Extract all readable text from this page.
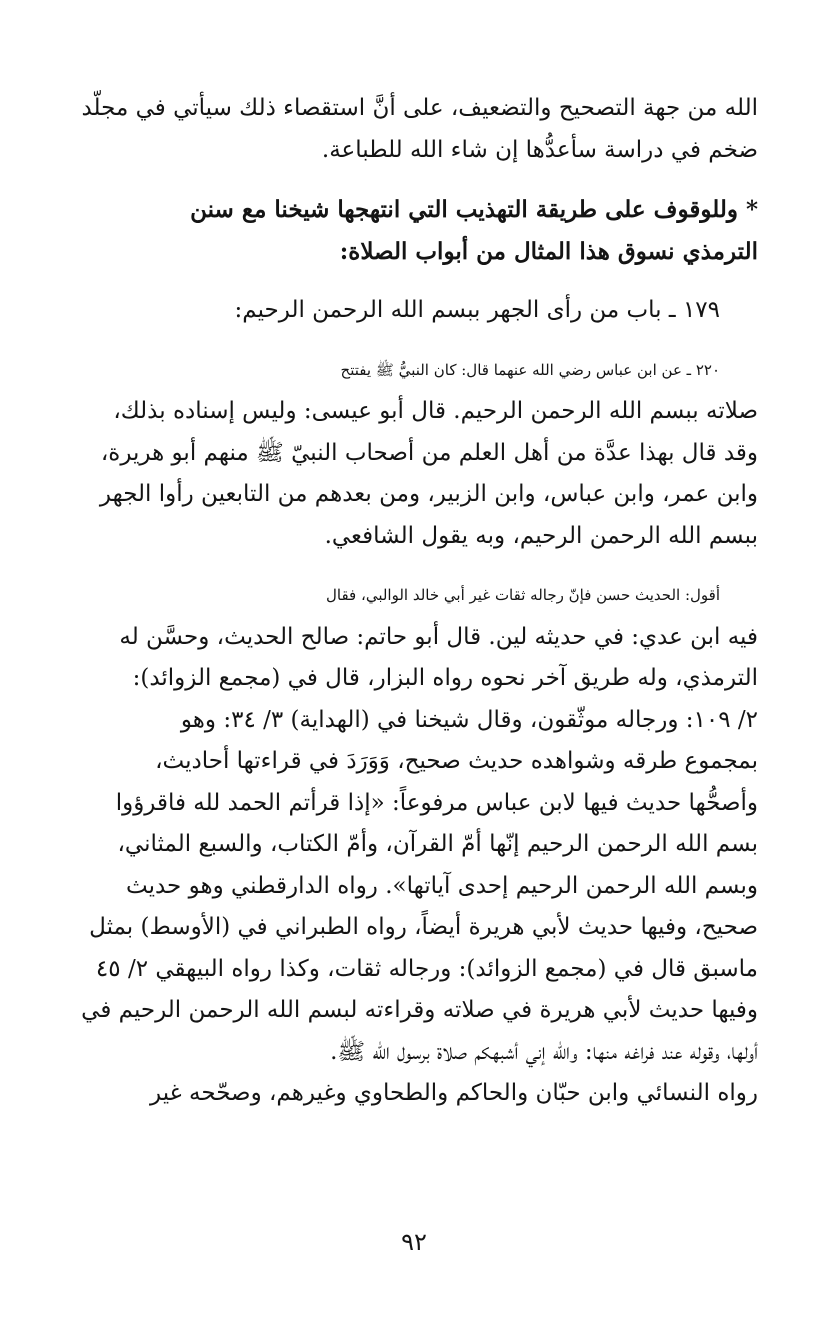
الله من جهة التصحيح والتضعيف، على أنَّ استقصاء ذلك سيأتي في مجلّد
ضخم في دراسة سأعدُّها إن شاء الله للطباعة.

* وللوقوف على طريقة التهذيب التي انتهجها شيخنا مع سنن
الترمذي نسوق هذا المثال من أبواب الصلاة:

١٧٩ ـ باب من رأى الجهر ببسم الله الرحمن الرحيم:

٢٢٠ ـ عن ابن عباس رضي الله عنهما قال: كان النبيُّ ﷺ يفتتح
صلاته ببسم الله الرحمن الرحيم. قال أبو عيسى: وليس إسناده بذلك،
وقد قال بهذا عدَّة من أهل العلم من أصحاب النبيّ ﷺ منهم أبو هريرة،
وابن عمر، وابن عباس، وابن الزبير، ومن بعدهم من التابعين رأوا الجهر
ببسم الله الرحمن الرحيم، وبه يقول الشافعي.

أقول: الحديث حسن فإنّ رجاله ثقات غير أبي خالد الوالبي، فقال
فيه ابن عدي: في حديثه لين. قال أبو حاتم: صالح الحديث، وحسَّن له
الترمذي، وله طريق آخر نحوه رواه البزار، قال في (مجمع الزوائد):
٢/ ١٠٩: ورجاله موثّقون، وقال شيخنا في (الهداية) ٣/ ٣٤: وهو
بمجموع طرقه وشواهده حديث صحيح، وَوَرَدَ في قراءتها أحاديث،
وأصحُّها حديث فيها لابن عباس مرفوعاً: «إذا قرأتم الحمد لله فاقرؤوا
بسم الله الرحمن الرحيم إنّها أمّ القرآن، وأمّ الكتاب، والسبع المثاني،
وبسم الله الرحمن الرحيم إحدى آياتها». رواه الدارقطني وهو حديث
صحيح، وفيها حديث لأبي هريرة أيضاً، رواه الطبراني في (الأوسط) بمثل
ماسبق قال في (مجمع الزوائد): ورجاله ثقات، وكذا رواه البيهقي ٢/ ٤٥
وفيها حديث لأبي هريرة في صلاته وقراءته لبسم الله الرحمن الرحيم في
أولها، وقوله عند فراغه منها: والله إني أشبهكم صلاة برسول الله ﷺ.
رواه النسائي وابن حبّان والحاكم والطحاوي وغيرهم، وصحّحه غير

٩٢
